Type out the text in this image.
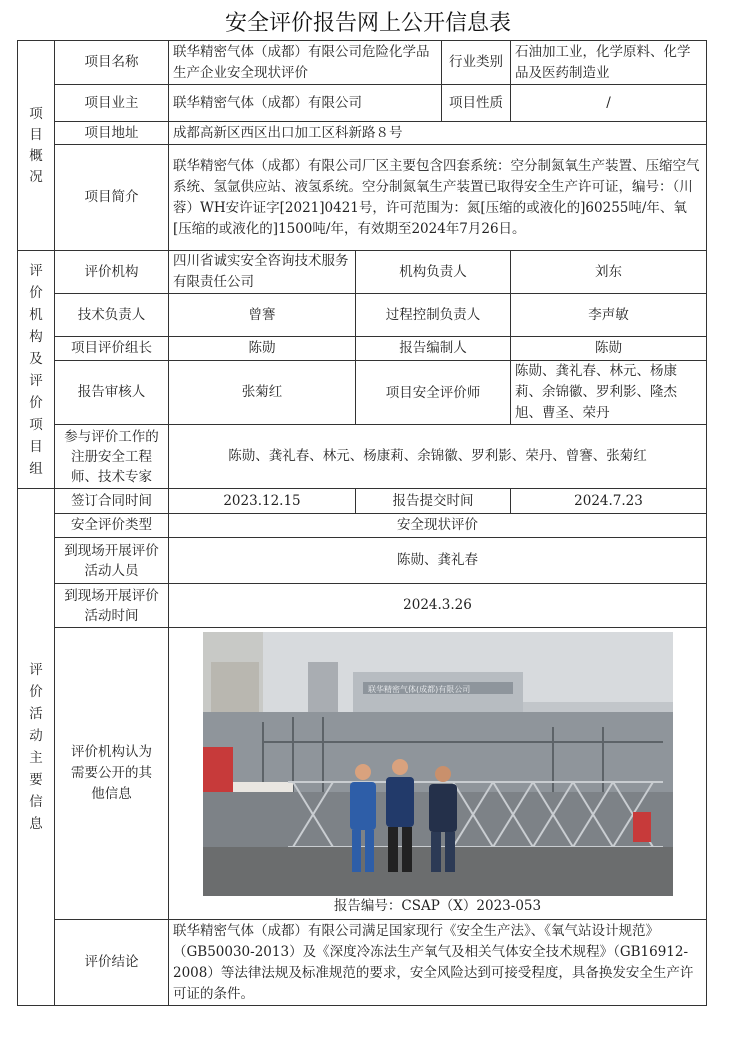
安全评价报告网上公开信息表
项目概况	项目名称	联华精密气体（成都）有限公司危险化学品生产企业安全现状评价		行业类别	石油加工业，化学原料、化学品及医药制造业
	项目业主	联华精密气体（成都）有限公司		项目性质	/
	项目地址	成都高新区西区出口加工区科新路８号			
	项目简介	联华精密气体（成都）有限公司厂区主要包含四套系统：空分制氮氧生产装置、压缩空气系统、氢氩供应站、液氢系统。空分制氮氧生产装置已取得安全生产许可证，编号：（川蓉）WH安许证字[2021]0421号，许可范围为：氮[压缩的或液化的]60255吨/年、氧[压缩的或液化的]1500吨/年，有效期至2024年7月26日。			

评价机构及评价项目组	评价机构	四川省诚实安全咨询技术服务有限责任公司	机构负责人		刘东
	技术负责人	曾謇	过程控制负责人		李声敏
	项目评价组长	陈勋	报告编制人		陈勋
	报告审核人	张菊红	项目安全评价师		陈勋、龚礼春、林元、杨康莉、余锦徽、罗利影、隆杰旭、曹圣、荣丹
	参与评价工作的注册安全工程师、技术专家	陈勋、龚礼春、林元、杨康莉、余锦徽、罗利影、荣丹、曾謇、张菊红			

评价活动主要信息	签订合同时间	2023.12.15	报告提交时间		2024.7.23
	安全评价类型	安全现状评价			
	到现场开展评价活动人员	陈勋、龚礼春			
	到现场开展评价活动时间	2024.3.26			
	评价机构认为需要公开的其他信息	联华精密气体(成都)有限公司
报告编号：CSAP（X）2023-053			

	评价结论	联华精密气体（成都）有限公司满足国家现行《安全生产法》、《氧气站设计规范》（GB50030-2013）及《深度冷冻法生产氧气及相关气体安全技术规程》（GB16912-2008）等法律法规及标准规范的要求，安全风险达到可接受程度，具备换发安全生产许可证的条件。			
